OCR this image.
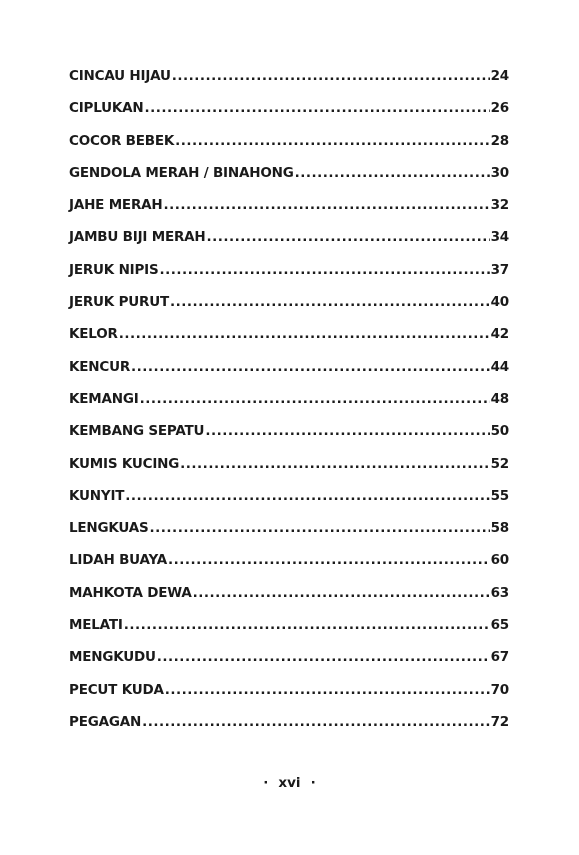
CINCAU HIJAU .....	24
CIPLUKAN .....	26
COCOR BEBEK .....	28
GENDOLA MERAH / BINAHONG .....	30
JAHE MERAH .....	32
JAMBU BIJI MERAH .....	34
JERUK NIPIS .....	37
JERUK PURUT .....	40
KELOR .....	42
KENCUR .....	44
KEMANGI .....	48
KEMBANG SEPATU .....	50
KUMIS KUCING .....	52
KUNYIT .....	55
LENGKUAS .....	58
LIDAH BUAYA .....	60
MAHKOTA DEWA .....	63
MELATI .....	65
MENGKUDU .....	67
PECUT KUDA .....	70
PEGAGAN .....	72
· xvi ·
